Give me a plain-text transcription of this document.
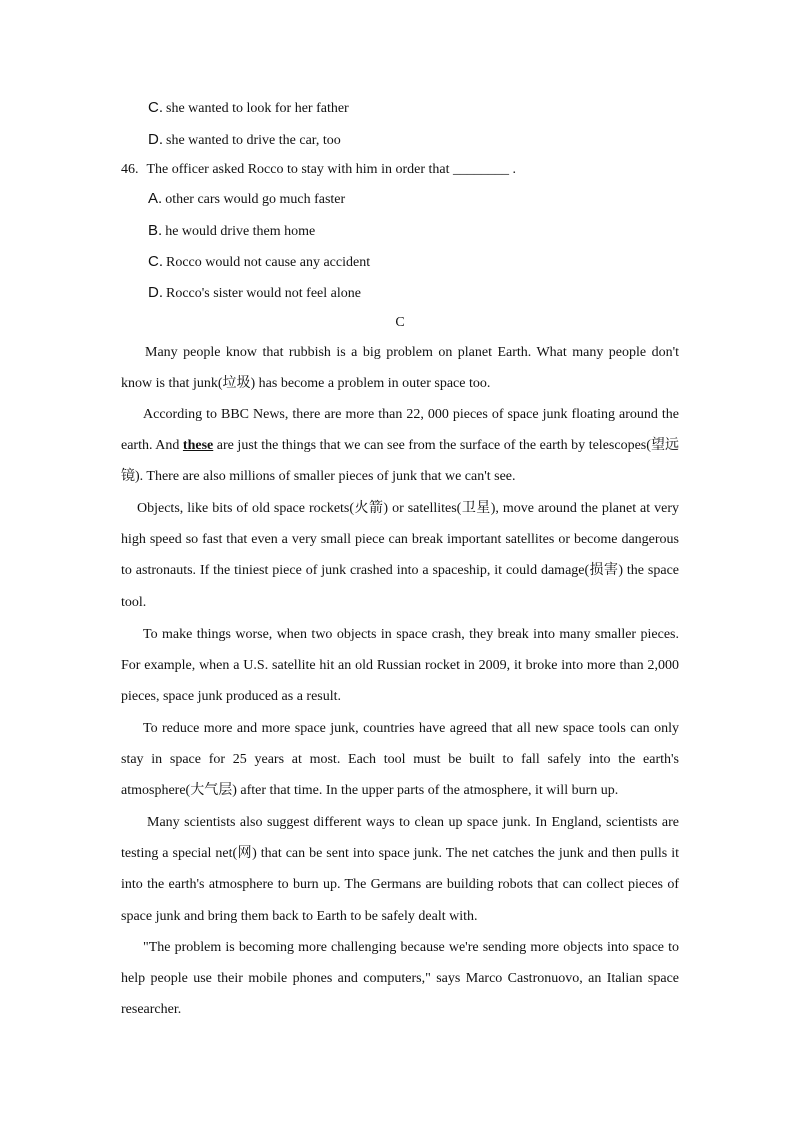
C. she wanted to look for her father
D. she wanted to drive the car, too
46. The officer asked Rocco to stay with him in order that ________ .
A. other cars would go much faster
B. he would drive them home
C. Rocco would not cause any accident
D. Rocco's sister would not feel alone
C
Many people know that rubbish is a big problem on planet Earth. What many people don't know is that junk(垃圾) has become a problem in outer space too.
According to BBC News, there are more than 22, 000 pieces of space junk floating around the earth. And these are just the things that we can see from the surface of the earth by telescopes(望远镜). There are also millions of smaller pieces of junk that we can't see.
Objects, like bits of old space rockets(火箭) or satellites(卫星), move around the planet at very high speed so fast that even a very small piece can break important satellites or become dangerous to astronauts. If the tiniest piece of junk crashed into a spaceship, it could damage(损害) the space tool.
To make things worse, when two objects in space crash, they break into many smaller pieces. For example, when a U.S. satellite hit an old Russian rocket in 2009, it broke into more than 2,000 pieces, space junk produced as a result.
To reduce more and more space junk, countries have agreed that all new space tools can only stay in space for 25 years at most. Each tool must be built to fall safely into the earth's atmosphere(大气层) after that time. In the upper parts of the atmosphere, it will burn up.
Many scientists also suggest different ways to clean up space junk. In England, scientists are testing a special net(网) that can be sent into space junk. The net catches the junk and then pulls it into the earth's atmosphere to burn up. The Germans are building robots that can collect pieces of space junk and bring them back to Earth to be safely dealt with.
"The problem is becoming more challenging because we're sending more objects into space to help people use their mobile phones and computers," says Marco Castronuovo, an Italian space researcher.
